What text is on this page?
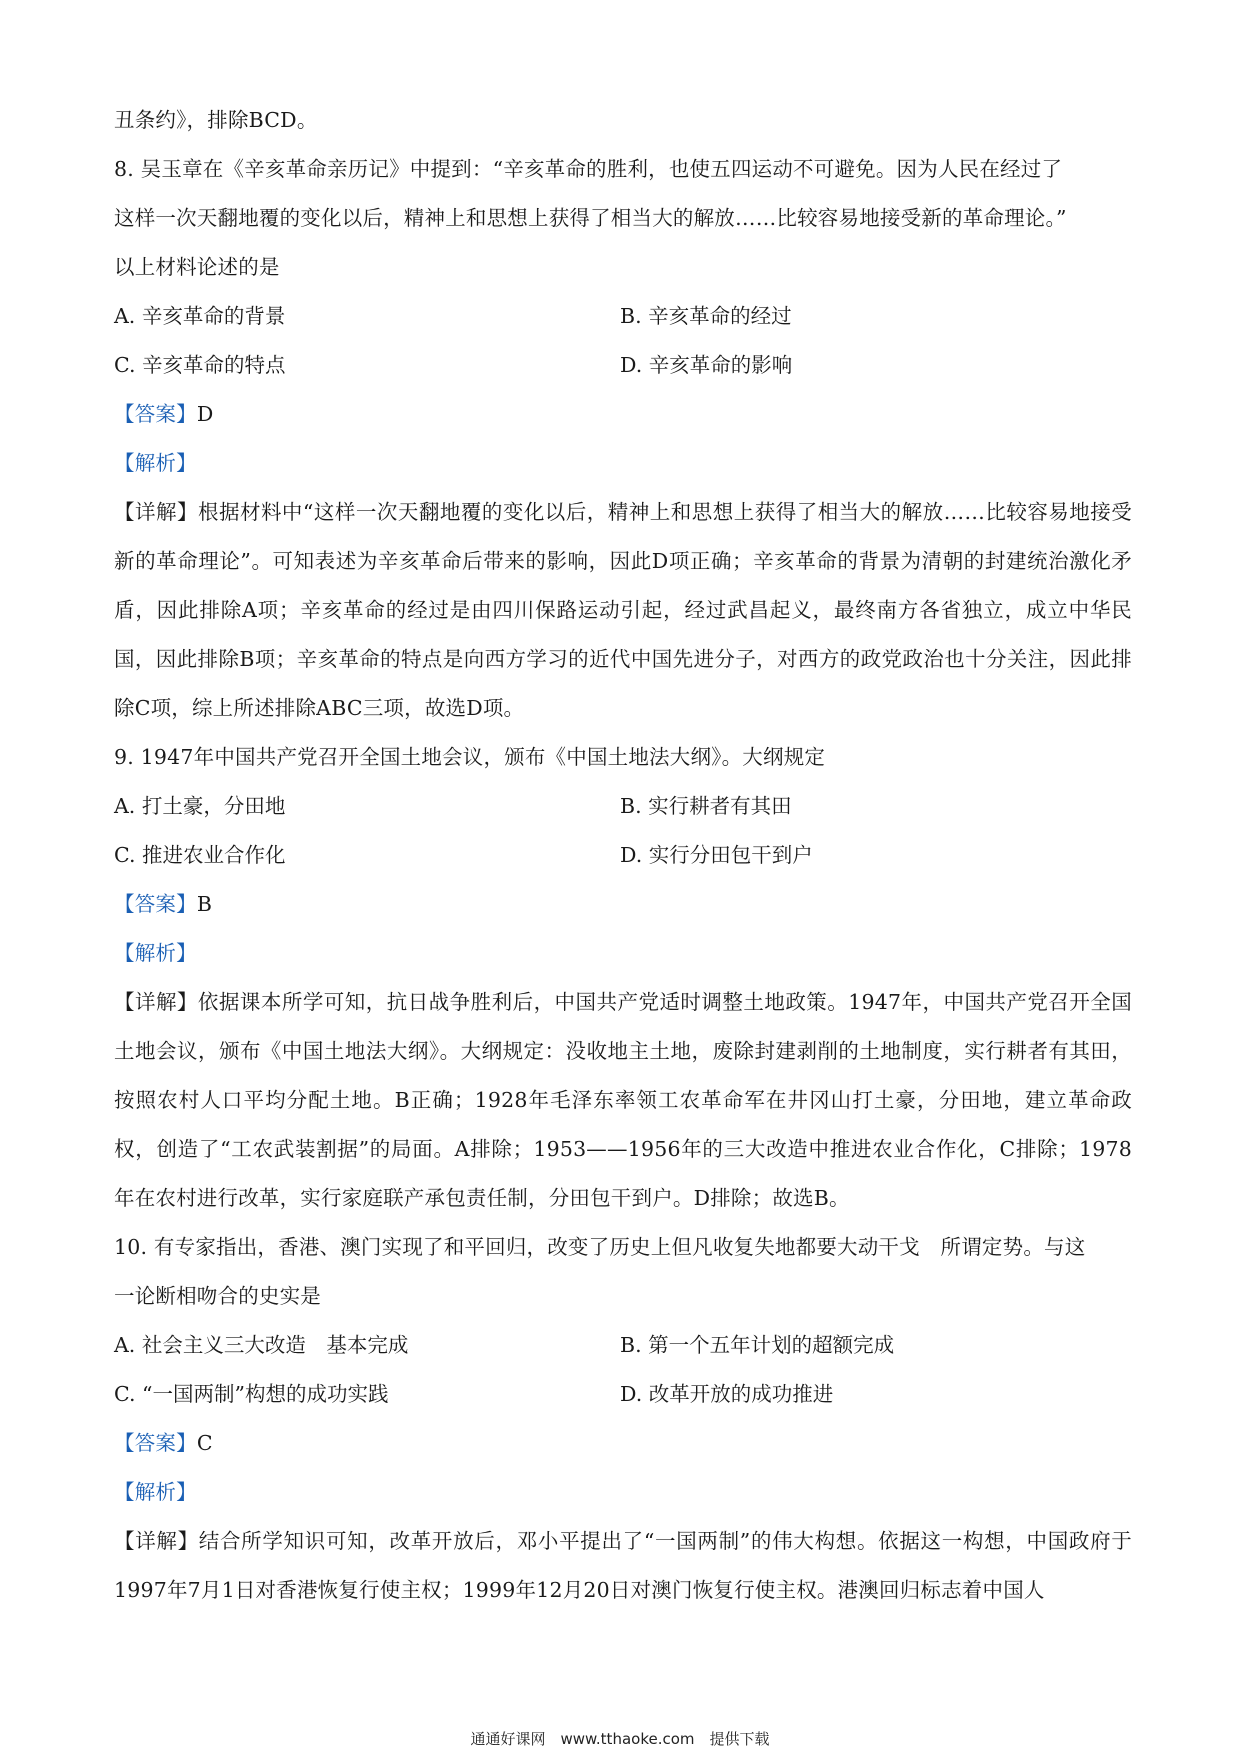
丑条约》，排除BCD。
8. 吴玉章在《辛亥革命亲历记》中提到：“辛亥革命的胜利，也使五四运动不可避免。因为人民在经过了
这样一次天翻地覆的变化以后，精神上和思想上获得了相当大的解放……比较容易地接受新的革命理论。”
以上材料论述的是
A. 辛亥革命的背景	B. 辛亥革命的经过
C. 辛亥革命的特点	D. 辛亥革命的影响
【答案】D
【解析】
【详解】根据材料中“这样一次天翻地覆的变化以后，精神上和思想上获得了相当大的解放……比较容易地接受新的革命理论”。可知表述为辛亥革命后带来的影响，因此D项正确；辛亥革命的背景为清朝的封建统治激化矛盾，因此排除A项；辛亥革命的经过是由四川保路运动引起，经过武昌起义，最终南方各省独立，成立中华民国，因此排除B项；辛亥革命的特点是向西方学习的近代中国先进分子，对西方的政党政治也十分关注，因此排除C项，综上所述排除ABC三项，故选D项。
9. 1947年中国共产党召开全国土地会议，颁布《中国土地法大纲》。大纲规定
A. 打土豪，分田地	B. 实行耕者有其田
C. 推进农业合作化	D. 实行分田包干到户
【答案】B
【解析】
【详解】依据课本所学可知，抗日战争胜利后，中国共产党适时调整土地政策。1947年，中国共产党召开全国土地会议，颁布《中国土地法大纲》。大纲规定：没收地主土地，废除封建剥削的土地制度，实行耕者有其田，按照农村人口平均分配土地。B正确；1928年毛泽东率领工农革命军在井冈山打土豪，分田地，建立革命政权，创造了“工农武装割据”的局面。A排除；1953——1956年的三大改造中推进农业合作化，C排除；1978年在农村进行改革，实行家庭联产承包责任制，分田包干到户。D排除；故选B。
10. 有专家指出，香港、澳门实现了和平回归，改变了历史上但凡收复失地都要大动干戈　所谓定势。与这
一论断相吻合的史实是
A. 社会主义三大改造　基本完成	B. 第一个五年计划的超额完成
C. “一国两制”构想的成功实践	D. 改革开放的成功推进
【答案】C
【解析】
【详解】结合所学知识可知，改革开放后，邓小平提出了“一国两制”的伟大构想。依据这一构想，中国政府于1997年7月1日对香港恢复行使主权；1999年12月20日对澳门恢复行使主权。港澳回归标志着中国人
通通好课网　www.tthaoke.com　提供下载
